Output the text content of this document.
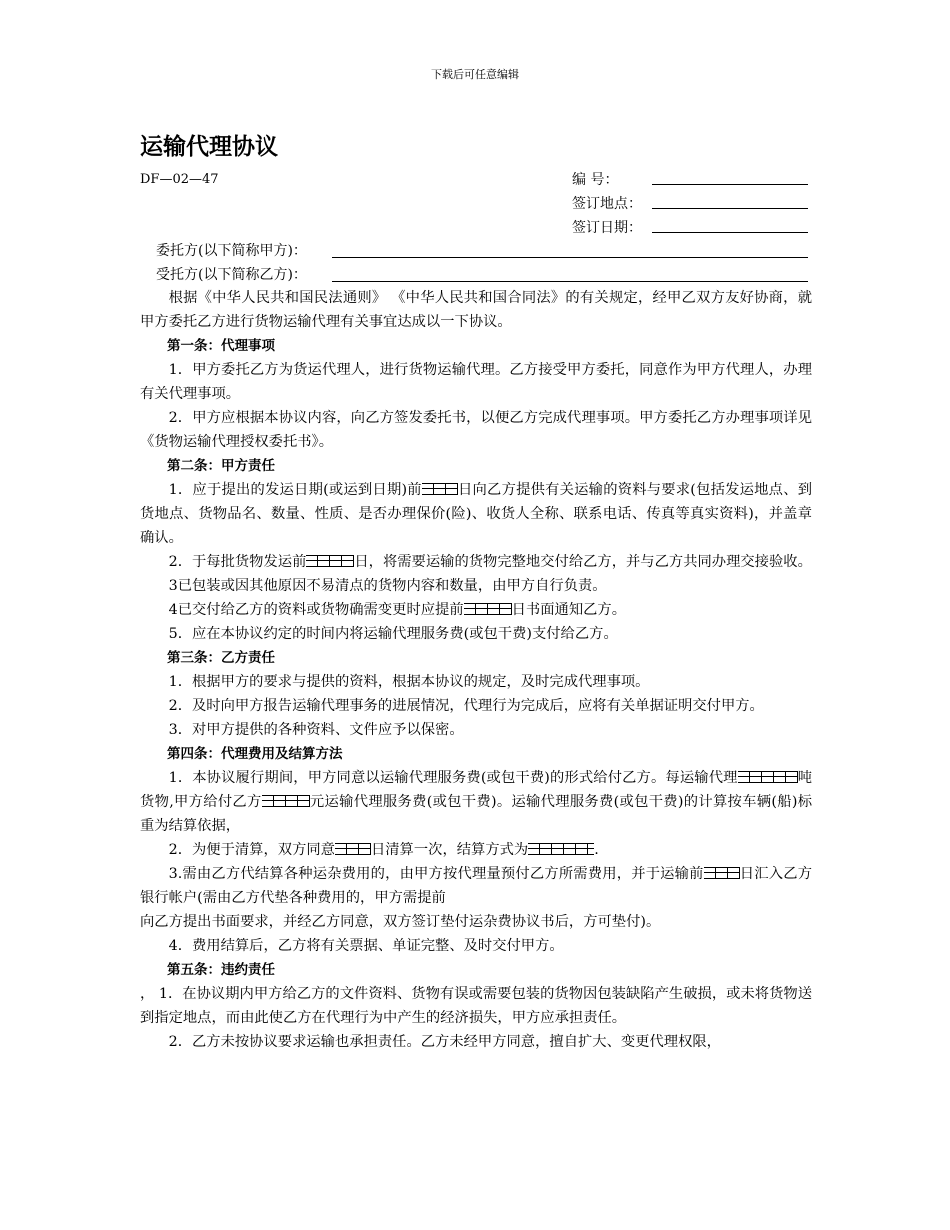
下载后可任意编辑
运输代理协议
DF—02—47	编 号：
签订地点：
签订日期：
委托方(以下简称甲方)：
受托方(以下简称乙方)：

根据《中华人民共和国民法通则》 《中华人民共和国合同法》的有关规定，经甲乙双方友好协商，就甲方委托乙方进行货物运输代理有关事宜达成以一下协议。

第一条：代理事项

1．甲方委托乙方为货运代理人，进行货物运输代理。乙方接受甲方委托，同意作为甲方代理人，办理有关代理事项。

2．甲方应根据本协议内容，向乙方签发委托书，以便乙方完成代理事项。甲方委托乙方办理事项详见《货物运输代理授权委托书》。

第二条：甲方责任

1．应于提出的发运日期(或运到日期)前	日向乙方提供有关运输的资料与要求(包括发运地点、到货地点、货物品名、数量、性质、是否办理保价(险)、收货人全称、联系电话、传真等真实资料)，并盖章确认。

2．于每批货物发运前	日，将需要运输的货物完整地交付给乙方，并与乙方共同办理交接验收。

3已包装或因其他原因不易清点的货物内容和数量，由甲方自行负责。

4已交付给乙方的资料或货物确需变更时应提前	日书面通知乙方。

5．应在本协议约定的时间内将运输代理服务费(或包干费)支付给乙方。

第三条：乙方责任

1．根据甲方的要求与提供的资料，根据本协议的规定，及时完成代理事项。

2．及时向甲方报告运输代理事务的进展情况，代理行为完成后，应将有关单据证明交付甲方。

3．对甲方提供的各种资料、文件应予以保密。

第四条：代理费用及结算方法

1．本协议履行期间，甲方同意以运输代理服务费(或包干费)的形式给付乙方。每运输代理	吨货物,甲方给付乙方	元运输代理服务费(或包干费)。运输代理服务费(或包干费)的计算按车辆(船)标重为结算依据，

2．为便于清算，双方同意	日清算一次，结算方式为	.

3.需由乙方代结算各种运杂费用的，由甲方按代理量预付乙方所需费用，并于运输前	日汇入乙方银行帐户(需由乙方代垫各种费用的，甲方需提前

向乙方提出书面要求，并经乙方同意，双方签订垫付运杂费协议书后，方可垫付)。

4．费用结算后，乙方将有关票据、单证完整、及时交付甲方。

第五条：违约责任

， 1．在协议期内甲方给乙方的文件资料、货物有误或需要包装的货物因包装缺陷产生破损，或未将货物送到指定地点，而由此使乙方在代理行为中产生的经济损失，甲方应承担责任。

2．乙方未按协议要求运输也承担责任。乙方未经甲方同意，擅自扩大、变更代理权限，
